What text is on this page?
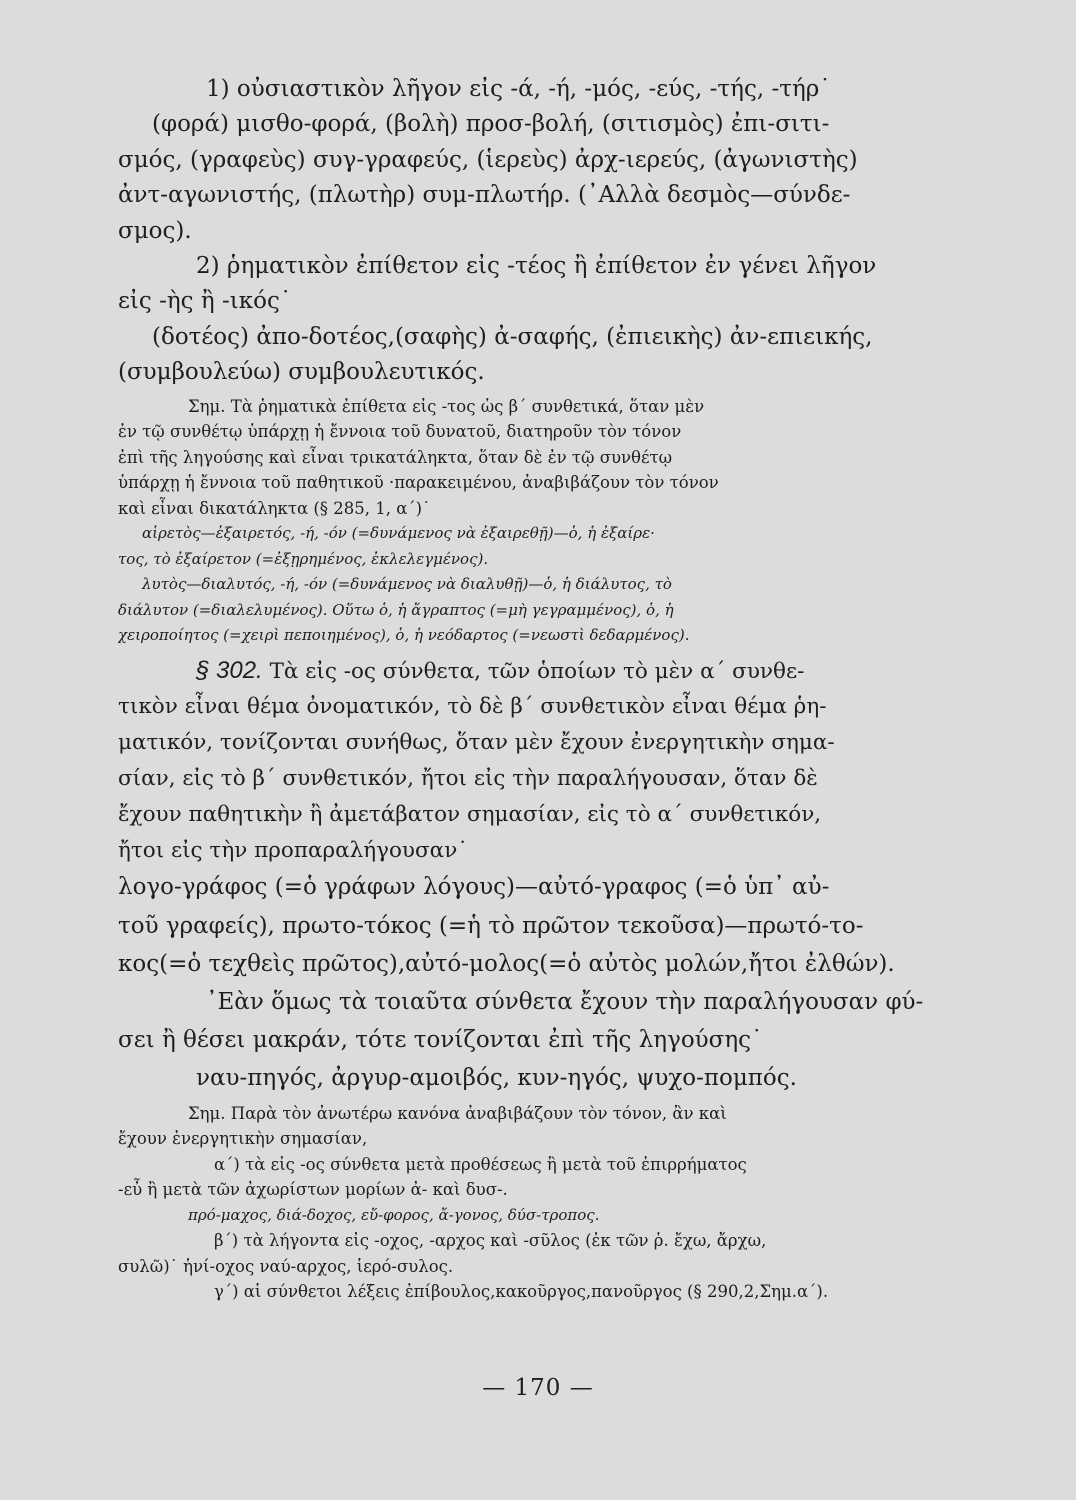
1) οὐσιαστικὸν λῆγον εἰς -ά, -ή, -μός, -εύς, -τής, -τήρ˙
(φορά) μισθο-φορά, (βολὴ) προσ-βολή, (σιτισμὸς) ἐπι-σιτι-
σμός, (γραφεὺς) συγ-γραφεύς, (ἱερεὺς) ἀρχ-ιερεύς, (ἀγωνιστὴς)
ἀντ-αγωνιστής, (πλωτὴρ) συμ-πλωτήρ. (᾿Αλλὰ δεσμὸς—σύνδε-
σμος).
2) ῥηματικὸν ἐπίθετον εἰς -τέος ἢ ἐπίθετον ἐν γένει λῆγον
εἰς -ὴς ἢ -ικός˙
(δοτέος) ἀπο-δοτέος,(σαφὴς) ἀ-σαφής, (ἐπιεικὴς) ἀν-επιεικής,
(συμβουλεύω) συμβουλευτικός.
Σημ. Τὰ ῥηματικὰ ἐπίθετα εἰς -τος ὡς β΄ συνθετικά, ὅταν μὲν
ἐν τῷ συνθέτῳ ὑπάρχῃ ἡ ἔννοια τοῦ δυνατοῦ, διατηροῦν τὸν τόνον
ἐπὶ τῆς ληγούσης καὶ εἶναι τρικατάληκτα, ὅταν δὲ ἐν τῷ συνθέτῳ
ὑπάρχῃ ἡ ἔννοια τοῦ παθητικοῦ ·παρακειμένου, ἀναβιβάζουν τὸν τόνον
καὶ εἶναι δικατάληκτα (§ 285, 1, α΄)˙
αἱρετὸς—ἐξαιρετός, -ή, -όν (=δυνάμενος νὰ ἐξαιρεθῇ)—ὁ, ἡ ἐξαίρε·
τος, τὸ ἐξαίρετον (=ἐξῃρημένος, ἐκλελεγμένος).
λυτὸς—διαλυτός, -ή, -όν (=δυνάμενος νὰ διαλυθῇ)—ὁ, ἡ διάλυτος, τὸ
διάλυτον (=διαλελυμένος). Οὕτω ὁ, ἡ ἄγραπτος (=μὴ γεγραμμένος), ὁ, ἡ
χειροποίητος (=χειρὶ πεποιημένος), ὁ, ἡ νεόδαρτος (=νεωστὶ δεδαρμένος).
§ 302. Τὰ εἰς -ος σύνθετα, τῶν ὁποίων τὸ μὲν α΄ συνθε-
τικὸν εἶναι θέμα ὀνοματικόν, τὸ δὲ β΄ συνθετικὸν εἶναι θέμα ῥη-
ματικόν, τονίζονται συνήθως, ὅταν μὲν ἔχουν ἐνεργητικὴν σημα-
σίαν, εἰς τὸ β΄ συνθετικόν, ἤτοι εἰς τὴν παραλήγουσαν, ὅταν δὲ
ἔχουν παθητικὴν ἢ ἀμετάβατον σημασίαν, εἰς τὸ α΄ συνθετικόν,
ἤτοι εἰς τὴν προπαραλήγουσαν˙
λογο-γράφος (=ὁ γράφων λόγους)—αὐτό-γραφος (=ὁ ὑπ᾿ αὐ-
τοῦ γραφείς), πρωτο-τόκος (=ἡ τὸ πρῶτον τεκοῦσα)—πρωτό-το-
κος(=ὁ τεχθεὶς πρῶτος),αὐτό-μολος(=ὁ αὐτὸς μολών,ἤτοι ἐλθών).
᾿Εὰν ὅμως τὰ τοιαῦτα σύνθετα ἔχουν τὴν παραλήγουσαν φύ-
σει ἢ θέσει μακράν, τότε τονίζονται ἐπὶ τῆς ληγούσης˙
ναυ-πηγός, ἀργυρ-αμοιβός, κυν-ηγός, ψυχο-πομπός.
Σημ. Παρὰ τὸν ἀνωτέρω κανόνα ἀναβιβάζουν τὸν τόνον, ἂν καὶ
ἔχουν ἐνεργητικὴν σημασίαν,
α΄) τὰ εἰς -ος σύνθετα μετὰ προθέσεως ἢ μετὰ τοῦ ἐπιρρήματος
-εὖ ἢ μετὰ τῶν ἀχωρίστων μορίων ἀ- καὶ δυσ-.
πρό-μαχος, διά-δοχος, εὔ-φορος, ἄ-γονος, δύσ-τροπος.
β΄) τὰ λήγοντα εἰς -οχος, -αρχος καὶ -σῦλος (ἐκ τῶν ῥ. ἔχω, ἄρχω,
συλῶ)˙ ἡνί-οχος ναύ-αρχος, ἱερό-συλος.
γ΄) αἱ σύνθετοι λέξεις ἐπίβουλος,κακοῦργος,πανοῦργος (§ 290,2,Σημ.α΄).
— 170 —
